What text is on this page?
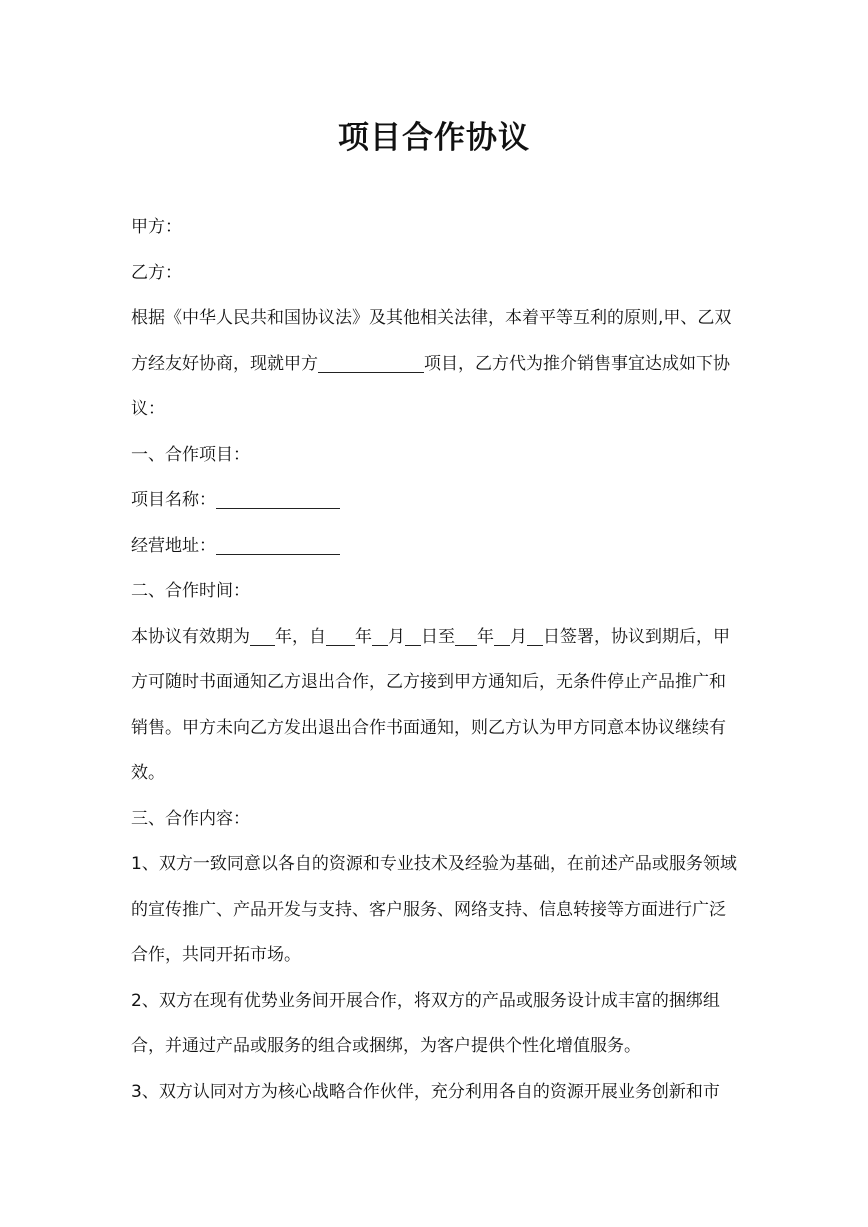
项目合作协议

甲方：

乙方：

根据《中华人民共和国协议法》及其他相关法律，本着平等互利的原则,甲、乙双方经友好协商，现就甲方	项目，乙方代为推介销售事宜达成如下协议：

一、合作项目：

项目名称：

经营地址：

二、合作时间：

本协议有效期为 年，自 年 月 日至 年 月 日签署，协议到期后，甲方可随时书面通知乙方退出合作，乙方接到甲方通知后，无条件停止产品推广和销售。甲方未向乙方发出退出合作书面通知，则乙方认为甲方同意本协议继续有效。

三、合作内容：

1、双方一致同意以各自的资源和专业技术及经验为基础，在前述产品或服务领域的宣传推广、产品开发与支持、客户服务、网络支持、信息转接等方面进行广泛合作，共同开拓市场。

2、双方在现有优势业务间开展合作，将双方的产品或服务设计成丰富的捆绑组合，并通过产品或服务的组合或捆绑，为客户提供个性化增值服务。

3、双方认同对方为核心战略合作伙伴，充分利用各自的资源开展业务创新和市
